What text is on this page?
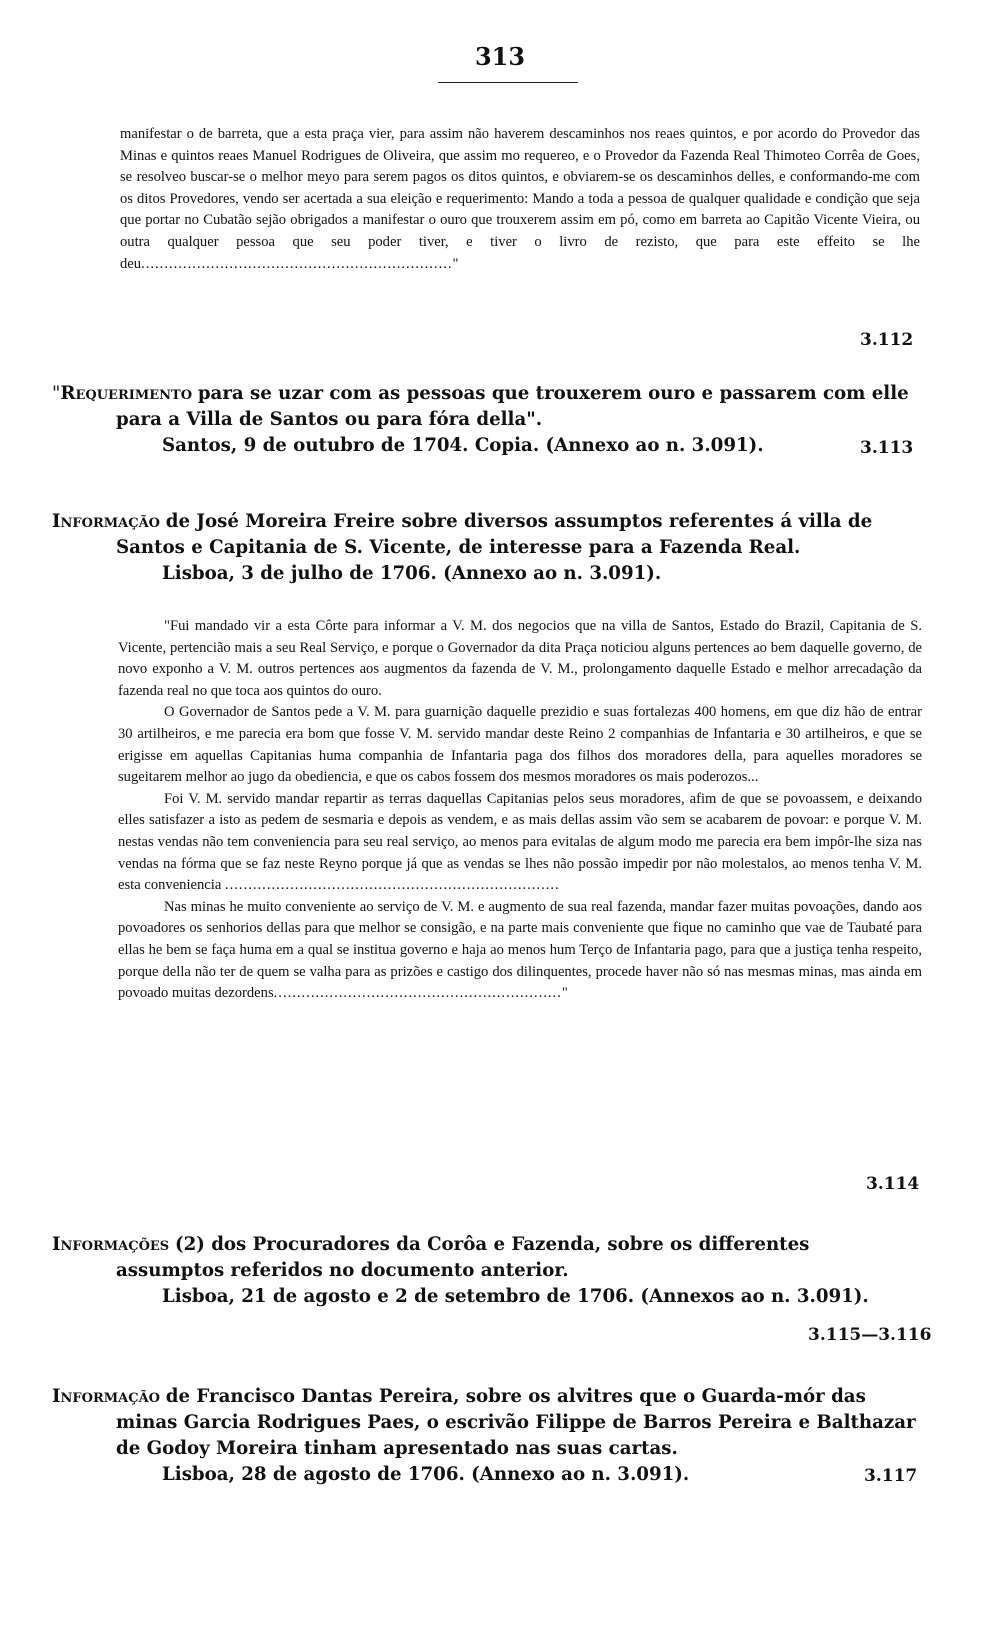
313

manifestar o de barreta, que a esta praça vier, para assim não haverem descaminhos nos reaes quintos, e por acordo do Provedor das Minas e quintos reaes Manuel Rodrigues de Oliveira, que assim mo requereo, e o Provedor da Fazenda Real Thimoteo Corrêa de Goes, se resolveo buscar-se o melhor meyo para serem pagos os ditos quintos, e obviarem-se os descaminhos delles, e conformando-me com os ditos Provedores, vendo ser acertada a sua eleição e requerimento: Mando a toda a pessoa de qualquer qualidade e condição que seja que portar no Cubatão sejão obrigados a manifestar o ouro que trouxerem assim em pó, como em barreta ao Capitão Vicente Vieira, ou outra qualquer pessoa que seu poder tiver, e tiver o livro de rezisto, que para este effeito se lhe deu..................................................................."

3.112
"Requerimento para se uzar com as pessoas que trouxerem ouro e passarem com elle para a Villa de Santos ou para fóra della".
Santos, 9 de outubro de 1704. Copia. (Annexo ao n. 3.091).	3.113
Informação de José Moreira Freire sobre diversos assumptos referentes á villa de Santos e Capitania de S. Vicente, de interesse para a Fazenda Real.
Lisboa, 3 de julho de 1706. (Annexo ao n. 3.091).

"Fui mandado vir a esta Côrte para informar a V. M. dos negocios que na villa de Santos, Estado do Brazil, Capitania de S. Vicente, pertencião mais a seu Real Serviço, e porque o Governador da dita Praça noticiou alguns pertences ao bem daquelle governo, de novo exponho a V. M. outros pertences aos augmentos da fazenda de V. M., prolongamento daquelle Estado e melhor arrecadação da fazenda real no que toca aos quintos do ouro.

O Governador de Santos pede a V. M. para guarnição daquelle prezidio e suas fortalezas 400 homens, em que diz hão de entrar 30 artilheiros, e me parecia era bom que fosse V. M. servido mandar deste Reino 2 companhias de Infantaria e 30 artilheiros, e que se erigisse em aquellas Capitanias huma companhia de Infantaria paga dos filhos dos moradores della, para aquelles moradores se sugeitarem melhor ao jugo da obediencia, e que os cabos fossem dos mesmos moradores os mais poderozos...

Foi V. M. servido mandar repartir as terras daquellas Capitanias pelos seus moradores, afim de que se povoassem, e deixando elles satisfazer a isto as pedem de sesmaria e depois as vendem, e as mais dellas assim vão sem se acabarem de povoar: e porque V. M. nestas vendas não tem conveniencia para seu real serviço, ao menos para evitalas de algum modo me parecia era bem impôr-lhe siza nas vendas na fórma que se faz neste Reyno porque já que as vendas se lhes não possão impedir por não molestalos, ao menos tenha V. M. esta conveniencia ........................................................................

Nas minas he muito conveniente ao serviço de V. M. e augmento de sua real fazenda, mandar fazer muitas povoações, dando aos povoadores os senhorios dellas para que melhor se consigão, e na parte mais conveniente que fique no caminho que vae de Taubaté para ellas he bem se faça huma em a qual se institua governo e haja ao menos hum Terço de Infantaria pago, para que a justiça tenha respeito, porque della não ter de quem se valha para as prizões e castigo dos dilinquentes, procede haver não só nas mesmas minas, mas ainda em povoado muitas dezordens.............................................................."

3.114
Informações (2) dos Procuradores da Corôa e Fazenda, sobre os differentes assumptos referidos no documento anterior.
Lisboa, 21 de agosto e 2 de setembro de 1706. (Annexos ao n. 3.091).
3.115—3.116
Informação de Francisco Dantas Pereira, sobre os alvitres que o Guarda-mór das minas Garcia Rodrigues Paes, o escrivão Filippe de Barros Pereira e Balthazar de Godoy Moreira tinham apresentado nas suas cartas.
Lisboa, 28 de agosto de 1706. (Annexo ao n. 3.091).	3.117
